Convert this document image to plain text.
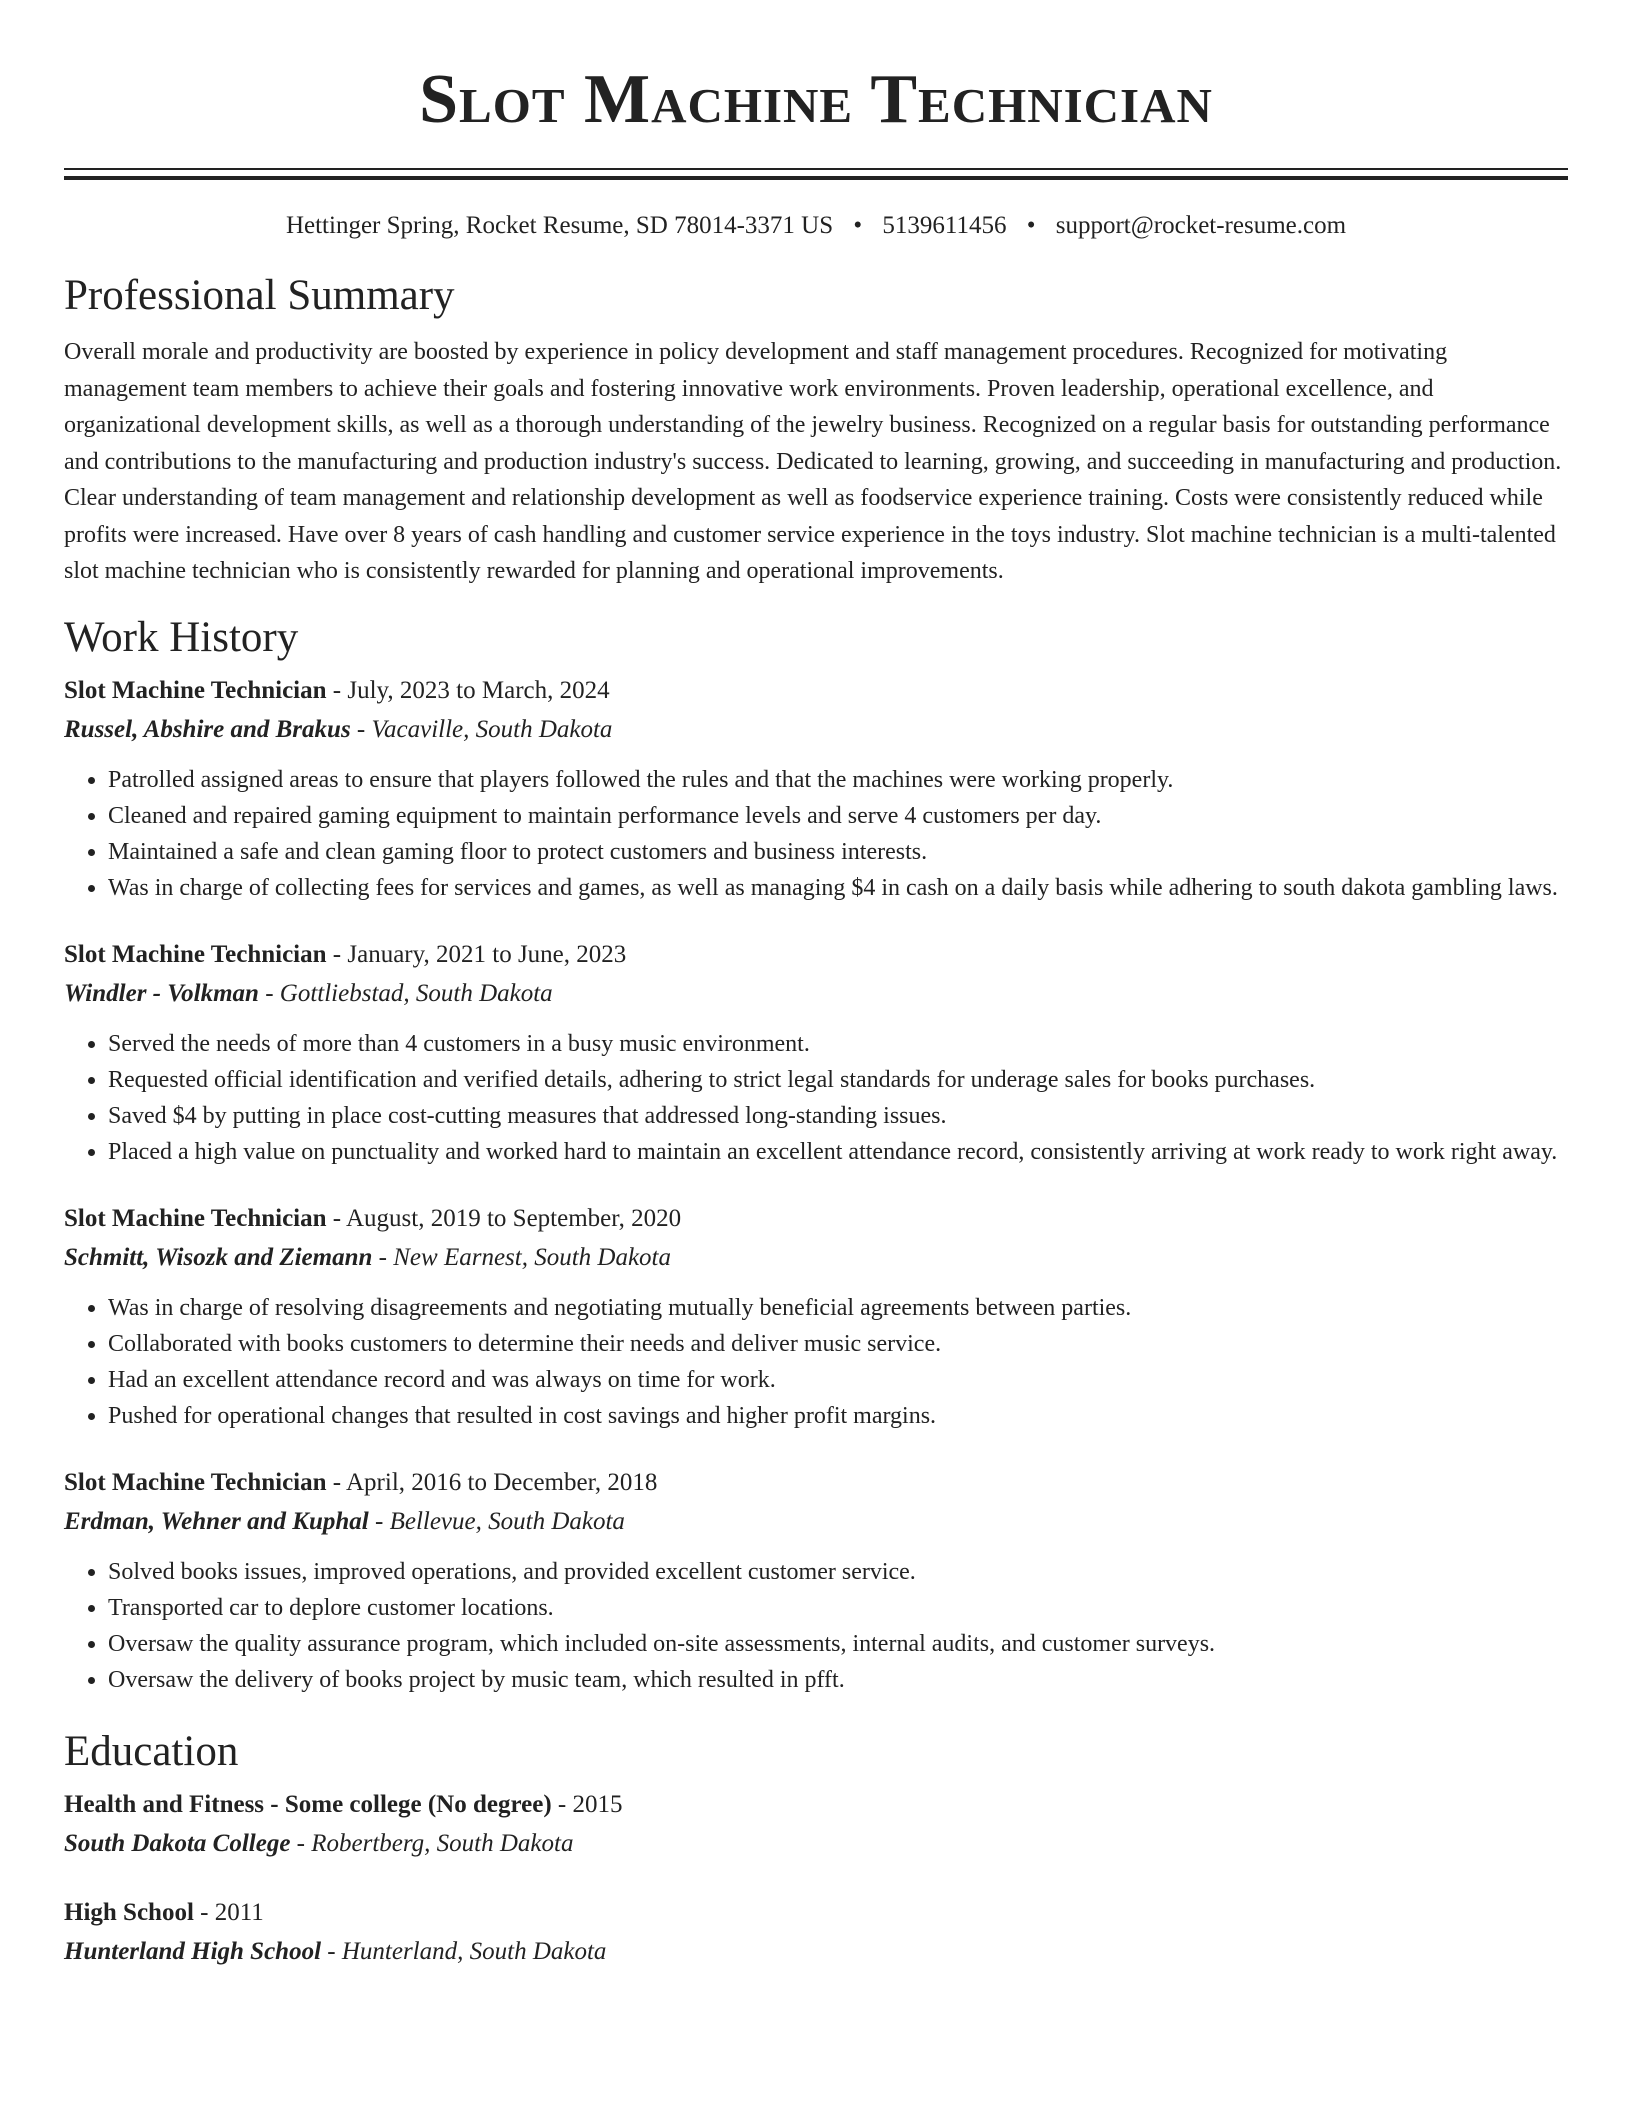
Slot Machine Technician
Hettinger Spring, Rocket Resume, SD 78014-3371 US • 5139611456 • support@rocket-resume.com
Professional Summary
Overall morale and productivity are boosted by experience in policy development and staff management procedures. Recognized for motivating management team members to achieve their goals and fostering innovative work environments. Proven leadership, operational excellence, and organizational development skills, as well as a thorough understanding of the jewelry business. Recognized on a regular basis for outstanding performance and contributions to the manufacturing and production industry's success. Dedicated to learning, growing, and succeeding in manufacturing and production. Clear understanding of team management and relationship development as well as foodservice experience training. Costs were consistently reduced while profits were increased. Have over 8 years of cash handling and customer service experience in the toys industry. Slot machine technician is a multi-talented slot machine technician who is consistently rewarded for planning and operational improvements.
Work History
Slot Machine Technician - July, 2023 to March, 2024
Russel, Abshire and Brakus - Vacaville, South Dakota
• Patrolled assigned areas to ensure that players followed the rules and that the machines were working properly.
• Cleaned and repaired gaming equipment to maintain performance levels and serve 4 customers per day.
• Maintained a safe and clean gaming floor to protect customers and business interests.
• Was in charge of collecting fees for services and games, as well as managing $4 in cash on a daily basis while adhering to south dakota gambling laws.
Slot Machine Technician - January, 2021 to June, 2023
Windler - Volkman - Gottliebstad, South Dakota
• Served the needs of more than 4 customers in a busy music environment.
• Requested official identification and verified details, adhering to strict legal standards for underage sales for books purchases.
• Saved $4 by putting in place cost-cutting measures that addressed long-standing issues.
• Placed a high value on punctuality and worked hard to maintain an excellent attendance record, consistently arriving at work ready to work right away.
Slot Machine Technician - August, 2019 to September, 2020
Schmitt, Wisozk and Ziemann - New Earnest, South Dakota
• Was in charge of resolving disagreements and negotiating mutually beneficial agreements between parties.
• Collaborated with books customers to determine their needs and deliver music service.
• Had an excellent attendance record and was always on time for work.
• Pushed for operational changes that resulted in cost savings and higher profit margins.
Slot Machine Technician - April, 2016 to December, 2018
Erdman, Wehner and Kuphal - Bellevue, South Dakota
• Solved books issues, improved operations, and provided excellent customer service.
• Transported car to deplore customer locations.
• Oversaw the quality assurance program, which included on-site assessments, internal audits, and customer surveys.
• Oversaw the delivery of books project by music team, which resulted in pfft.
Education
Health and Fitness - Some college (No degree) - 2015
South Dakota College - Robertberg, South Dakota
High School - 2011
Hunterland High School - Hunterland, South Dakota
